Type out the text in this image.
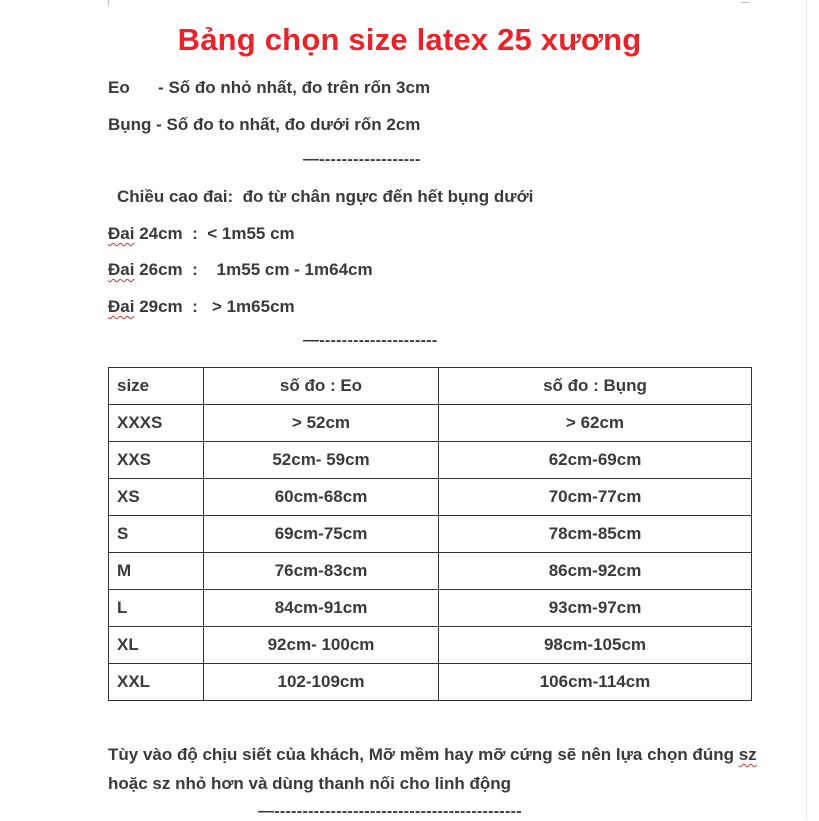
Bảng chọn size latex 25 xương
Eo      - Số đo nhỏ nhất, đo trên rốn 3cm
Bụng - Số đo to nhất, đo dưới rốn 2cm
—------------------
Chiều cao đai:  đo từ chân ngực đến hết bụng dưới
Đai 24cm  :  < 1m55 cm
Đai 26cm  :    1m55 cm - 1m64cm
Đai 29cm  :   > 1m65cm
—---------------------
size	số đo : Eo	số đo : Bụng
XXXS	> 52cm	> 62cm
XXS	52cm- 59cm	62cm-69cm
XS	60cm-68cm	70cm-77cm
S	69cm-75cm	78cm-85cm
M	76cm-83cm	86cm-92cm
L	84cm-91cm	93cm-97cm
XL	92cm- 100cm	98cm-105cm
XXL	102-109cm	106cm-114cm
Tùy vào độ chịu siết của khách, Mỡ mềm hay mỡ cứng sẽ nên lựa chọn đúng sz hoặc sz nhỏ hơn và dùng thanh nối cho linh động
—--------------------------------------------
